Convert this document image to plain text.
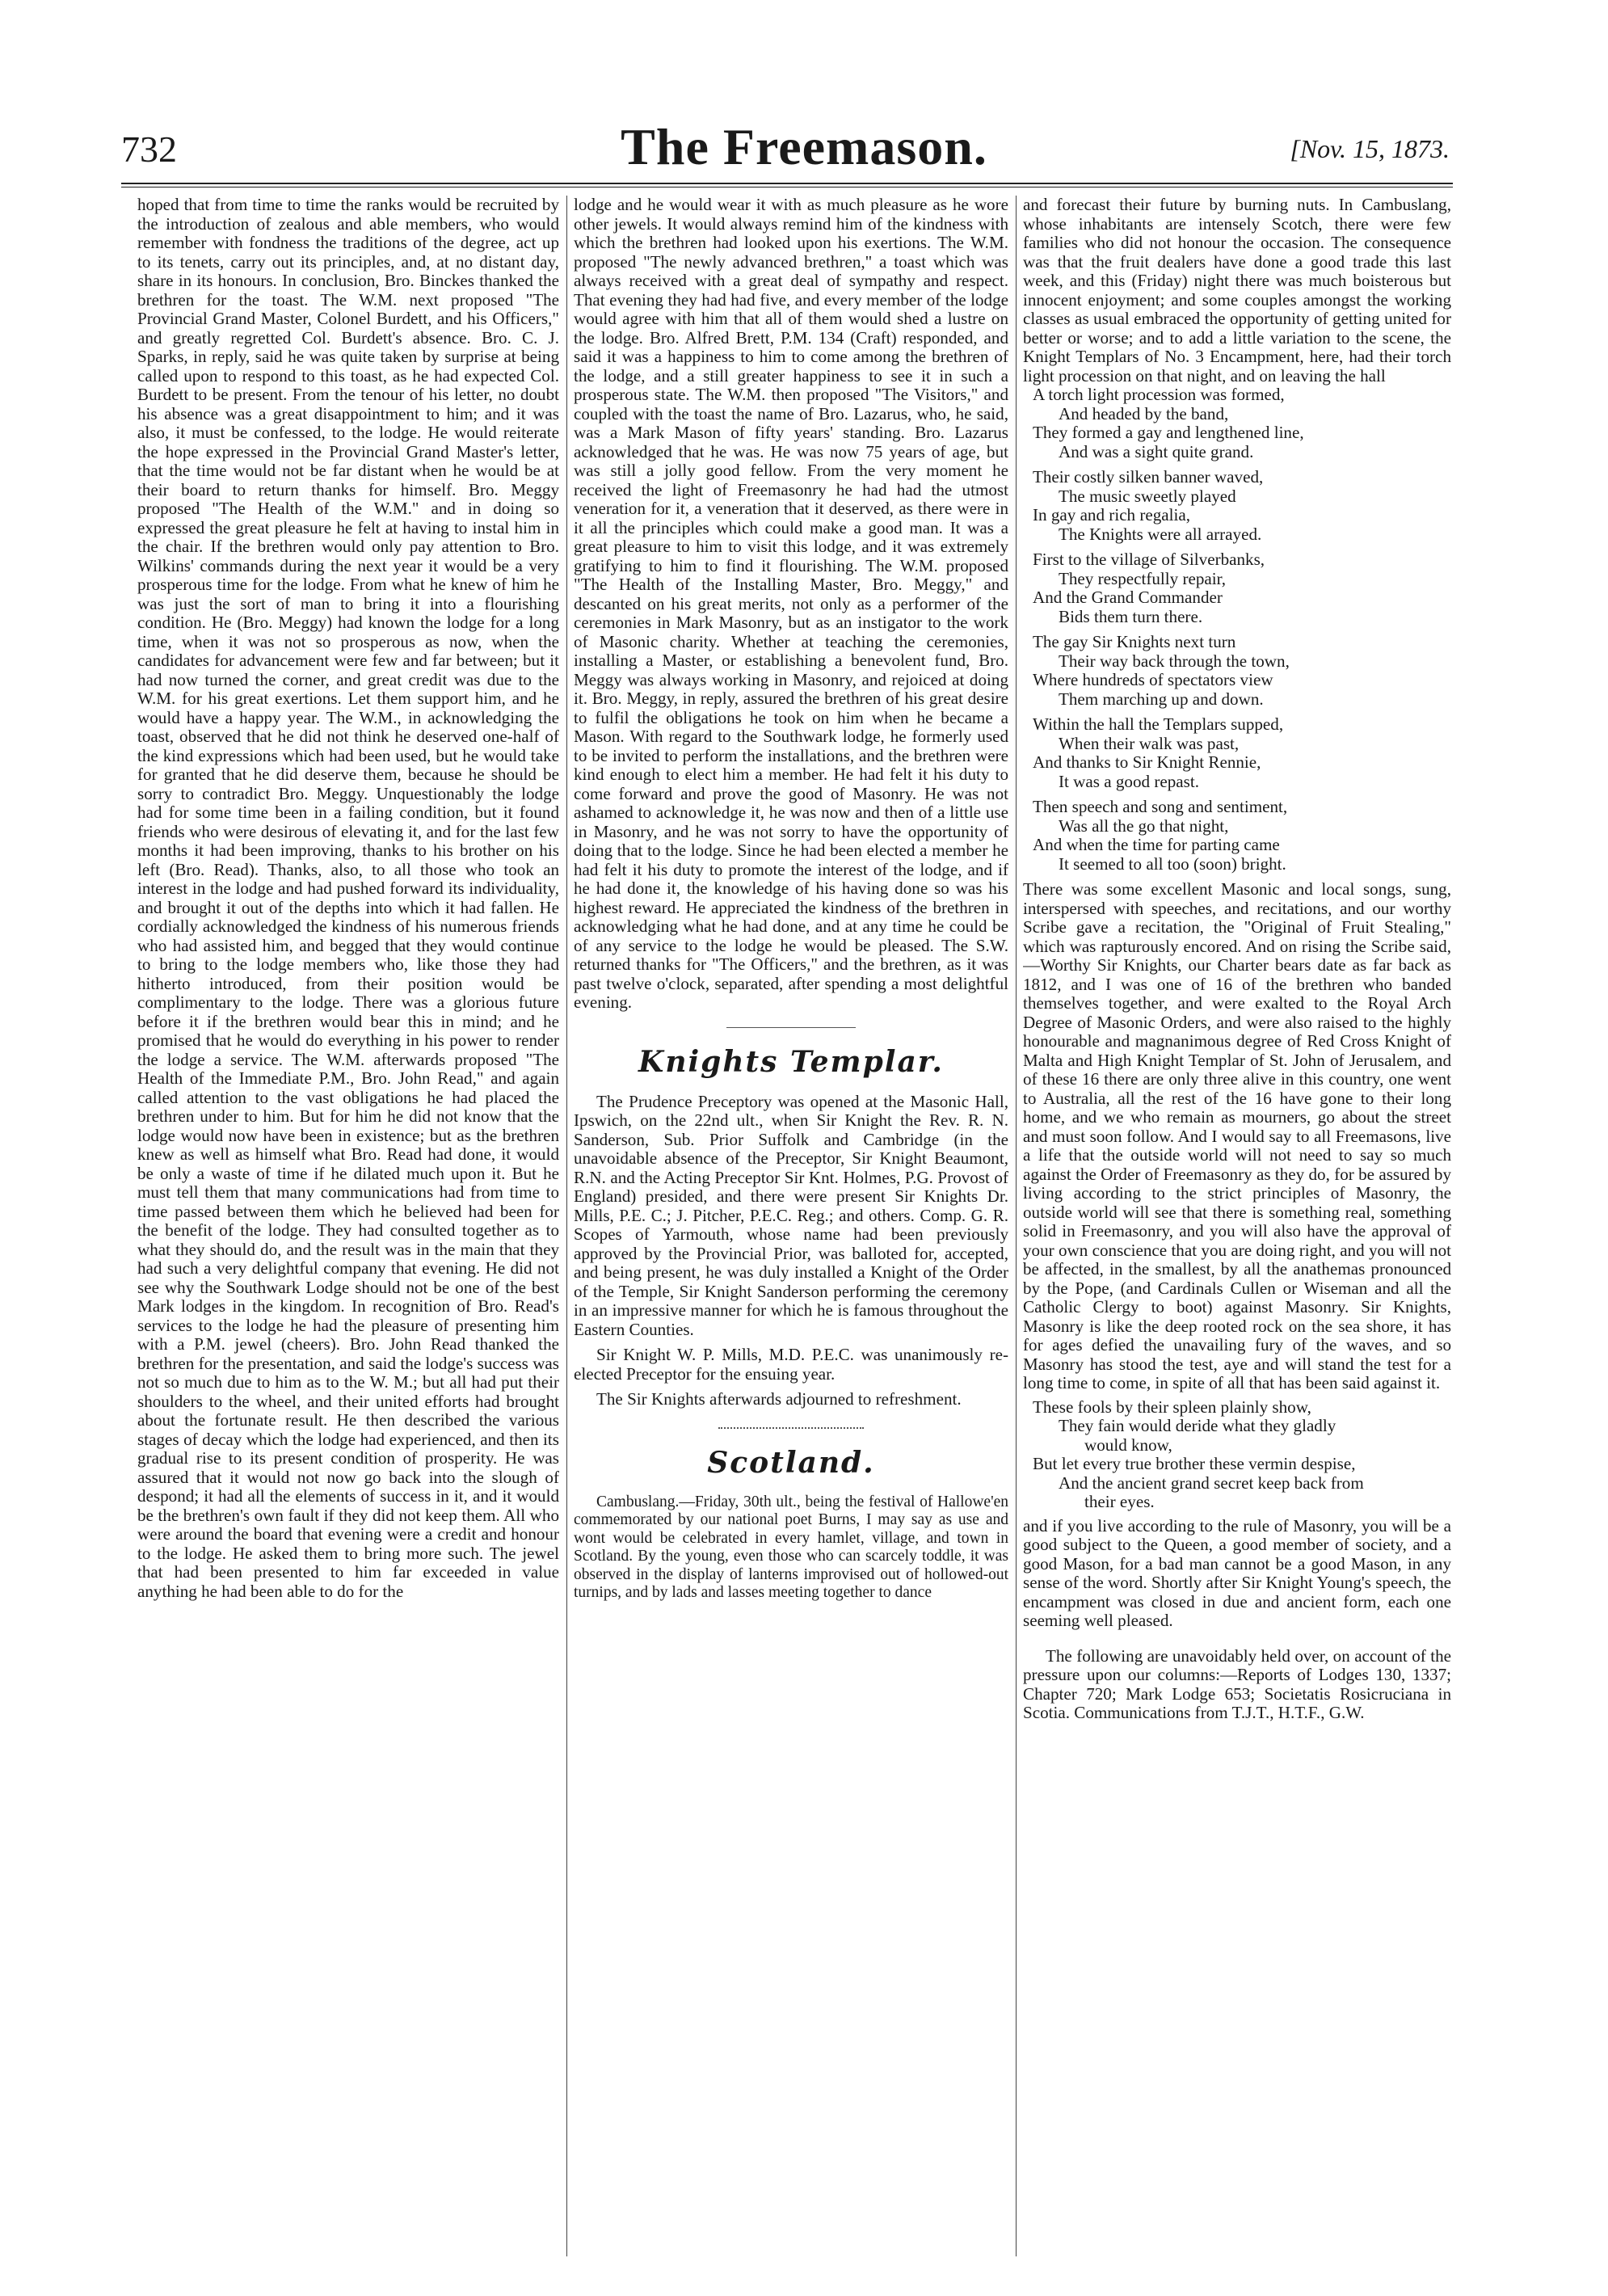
732	The Freemason.	[Nov. 15, 1873.

hoped that from time to time the ranks would be recruited by the introduction of zealous and able members, who would remember with fondness the traditions of the degree, act up to its tenets, carry out its principles, and, at no distant day, share in its honours. In conclusion, Bro. Binckes thanked the brethren for the toast. The W.M. next proposed "The Provincial Grand Master, Colonel Burdett, and his Officers," and greatly regretted Col. Burdett's absence. Bro. C. J. Sparks, in reply, said he was quite taken by surprise at being called upon to respond to this toast, as he had expected Col. Burdett to be present. From the tenour of his letter, no doubt his absence was a great disappointment to him; and it was also, it must be confessed, to the lodge. He would reiterate the hope expressed in the Provincial Grand Master's letter, that the time would not be far distant when he would be at their board to return thanks for himself. Bro. Meggy proposed "The Health of the W.M." and in doing so expressed the great pleasure he felt at having to instal him in the chair. If the brethren would only pay attention to Bro. Wilkins' commands during the next year it would be a very prosperous time for the lodge. From what he knew of him he was just the sort of man to bring it into a flourishing condition. He (Bro. Meggy) had known the lodge for a long time, when it was not so prosperous as now, when the candidates for advancement were few and far between; but it had now turned the corner, and great credit was due to the W.M. for his great exertions. Let them support him, and he would have a happy year. The W.M., in acknowledging the toast, observed that he did not think he deserved one-half of the kind expressions which had been used, but he would take for granted that he did deserve them, because he should be sorry to contradict Bro. Meggy. Unquestionably the lodge had for some time been in a failing condition, but it found friends who were desirous of elevating it, and for the last few months it had been improving, thanks to his brother on his left (Bro. Read). Thanks, also, to all those who took an interest in the lodge and had pushed forward its individuality, and brought it out of the depths into which it had fallen. He cordially acknowledged the kindness of his numerous friends who had assisted him, and begged that they would continue to bring to the lodge members who, like those they had hitherto introduced, from their position would be complimentary to the lodge. There was a glorious future before it if the brethren would bear this in mind; and he promised that he would do everything in his power to render the lodge a service. The W.M. afterwards proposed "The Health of the Immediate P.M., Bro. John Read," and again called attention to the vast obligations he had placed the brethren under to him. But for him he did not know that the lodge would now have been in existence; but as the brethren knew as well as himself what Bro. Read had done, it would be only a waste of time if he dilated much upon it. But he must tell them that many communications had from time to time passed between them which he believed had been for the benefit of the lodge. They had consulted together as to what they should do, and the result was in the main that they had such a very delightful company that evening. He did not see why the Southwark Lodge should not be one of the best Mark lodges in the kingdom. In recognition of Bro. Read's services to the lodge he had the pleasure of presenting him with a P.M. jewel (cheers). Bro. John Read thanked the brethren for the presentation, and said the lodge's success was not so much due to him as to the W. M.; but all had put their shoulders to the wheel, and their united efforts had brought about the fortunate result. He then described the various stages of decay which the lodge had experienced, and then its gradual rise to its present condition of prosperity. He was assured that it would not now go back into the slough of despond; it had all the elements of success in it, and it would be the brethren's own fault if they did not keep them. All who were around the board that evening were a credit and honour to the lodge. He asked them to bring more such. The jewel that had been presented to him far exceeded in value anything he had been able to do for the

lodge and he would wear it with as much pleasure as he wore other jewels. It would always remind him of the kindness with which the brethren had looked upon his exertions. The W.M. proposed "The newly advanced brethren," a toast which was always received with a great deal of sympathy and respect. That evening they had had five, and every member of the lodge would agree with him that all of them would shed a lustre on the lodge. Bro. Alfred Brett, P.M. 134 (Craft) responded, and said it was a happiness to him to come among the brethren of the lodge, and a still greater happiness to see it in such a prosperous state. The W.M. then proposed "The Visitors," and coupled with the toast the name of Bro. Lazarus, who, he said, was a Mark Mason of fifty years' standing. Bro. Lazarus acknowledged that he was. He was now 75 years of age, but was still a jolly good fellow. From the very moment he received the light of Freemasonry he had had the utmost veneration for it, a veneration that it deserved, as there were in it all the principles which could make a good man. It was a great pleasure to him to visit this lodge, and it was extremely gratifying to him to find it flourishing. The W.M. proposed "The Health of the Installing Master, Bro. Meggy," and descanted on his great merits, not only as a performer of the ceremonies in Mark Masonry, but as an instigator to the work of Masonic charity. Whether at teaching the ceremonies, installing a Master, or establishing a benevolent fund, Bro. Meggy was always working in Masonry, and rejoiced at doing it. Bro. Meggy, in reply, assured the brethren of his great desire to fulfil the obligations he took on him when he became a Mason. With regard to the Southwark lodge, he formerly used to be invited to perform the installations, and the brethren were kind enough to elect him a member. He had felt it his duty to come forward and prove the good of Masonry. He was not ashamed to acknowledge it, he was now and then of a little use in Masonry, and he was not sorry to have the opportunity of doing that to the lodge. Since he had been elected a member he had felt it his duty to promote the interest of the lodge, and if he had done it, the knowledge of his having done so was his highest reward. He appreciated the kindness of the brethren in acknowledging what he had done, and at any time he could be of any service to the lodge he would be pleased. The S.W. returned thanks for "The Officers," and the brethren, as it was past twelve o'clock, separated, after spending a most delightful evening.

Knights Templar.

The Prudence Preceptory was opened at the Masonic Hall, Ipswich, on the 22nd ult., when Sir Knight the Rev. R. N. Sanderson, Sub. Prior Suffolk and Cambridge (in the unavoidable absence of the Preceptor, Sir Knight Beaumont, R.N. and the Acting Preceptor Sir Knt. Holmes, P.G. Provost of England) presided, and there were present Sir Knights Dr. Mills, P.E. C.; J. Pitcher, P.E.C. Reg.; and others. Comp. G. R. Scopes of Yarmouth, whose name had been previously approved by the Provincial Prior, was balloted for, accepted, and being present, he was duly installed a Knight of the Order of the Temple, Sir Knight Sanderson performing the ceremony in an impressive manner for which he is famous throughout the Eastern Counties.

Sir Knight W. P. Mills, M.D. P.E.C. was unanimously re-elected Preceptor for the ensuing year.

The Sir Knights afterwards adjourned to refreshment.

Scotland.

Cambuslang.—Friday, 30th ult., being the festival of Hallowe'en commemorated by our national poet Burns, I may say as use and wont would be celebrated in every hamlet, village, and town in Scotland. By the young, even those who can scarcely toddle, it was observed in the display of lanterns improvised out of hollowed-out turnips, and by lads and lasses meeting together to dance

and forecast their future by burning nuts. In Cambuslang, whose inhabitants are intensely Scotch, there were few families who did not honour the occasion. The consequence was that the fruit dealers have done a good trade this last week, and this (Friday) night there was much boisterous but innocent enjoyment; and some couples amongst the working classes as usual embraced the opportunity of getting united for better or worse; and to add a little variation to the scene, the Knight Templars of No. 3 Encampment, here, had their torch light procession on that night, and on leaving the hall

A torch light procession was formed,
And headed by the band,
They formed a gay and lengthened line,
And was a sight quite grand.
Their costly silken banner waved,
The music sweetly played
In gay and rich regalia,
The Knights were all arrayed.
First to the village of Silverbanks,
They respectfully repair,
And the Grand Commander
Bids them turn there.
The gay Sir Knights next turn
Their way back through the town,
Where hundreds of spectators view
Them marching up and down.
Within the hall the Templars supped,
When their walk was past,
And thanks to Sir Knight Rennie,
It was a good repast.
Then speech and song and sentiment,
Was all the go that night,
And when the time for parting came
It seemed to all too (soon) bright.

There was some excellent Masonic and local songs, sung, interspersed with speeches, and recitations, and our worthy Scribe gave a recitation, the "Original of Fruit Stealing," which was rapturously encored. And on rising the Scribe said,—Worthy Sir Knights, our Charter bears date as far back as 1812, and I was one of 16 of the brethren who banded themselves together, and were exalted to the Royal Arch Degree of Masonic Orders, and were also raised to the highly honourable and magnanimous degree of Red Cross Knight of Malta and High Knight Templar of St. John of Jerusalem, and of these 16 there are only three alive in this country, one went to Australia, all the rest of the 16 have gone to their long home, and we who remain as mourners, go about the street and must soon follow. And I would say to all Freemasons, live a life that the outside world will not need to say so much against the Order of Freemasonry as they do, for be assured by living according to the strict principles of Masonry, the outside world will see that there is something real, something solid in Freemasonry, and you will also have the approval of your own conscience that you are doing right, and you will not be affected, in the smallest, by all the anathemas pronounced by the Pope, (and Cardinals Cullen or Wiseman and all the Catholic Clergy to boot) against Masonry. Sir Knights, Masonry is like the deep rooted rock on the sea shore, it has for ages defied the unavailing fury of the waves, and so Masonry has stood the test, aye and will stand the test for a long time to come, in spite of all that has been said against it.

These fools by their spleen plainly show,
They fain would deride what they gladly
would know,
But let every true brother these vermin despise,
And the ancient grand secret keep back from
their eyes.

and if you live according to the rule of Masonry, you will be a good subject to the Queen, a good member of society, and a good Mason, for a bad man cannot be a good Mason, in any sense of the word. Shortly after Sir Knight Young's speech, the encampment was closed in due and ancient form, each one seeming well pleased.

The following are unavoidably held over, on account of the pressure upon our columns:—Reports of Lodges 130, 1337; Chapter 720; Mark Lodge 653; Societatis Rosicruciana in Scotia. Communications from T.J.T., H.T.F., G.W.
